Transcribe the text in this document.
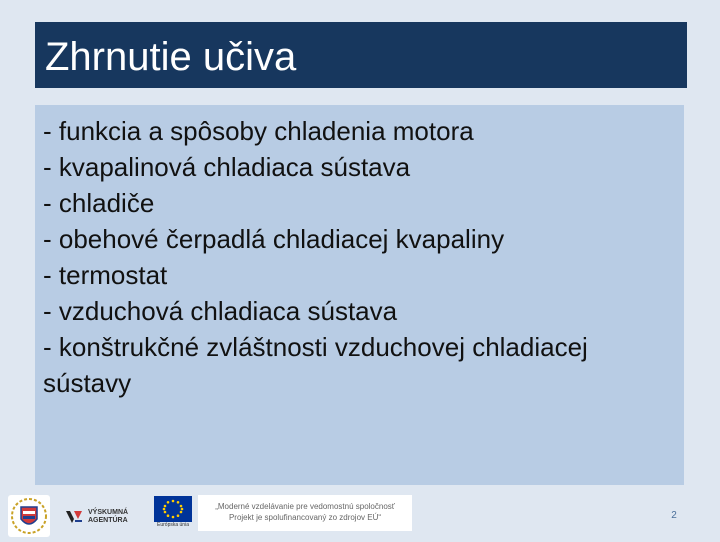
Zhrnutie učiva
- funkcia a spôsoby chladenia motora
- kvapalinová chladiaca sústava
- chladiče
- obehové čerpadlá chladiacej kvapaliny
- termostat
- vzduchová chladiaca sústava
- konštrukčné zvláštnosti vzduchovej chladiacej sústavy
VÝSKUMNÁ
AGENTÚRA
Európska únia
„Moderné vzdelávanie pre vedomostnú spoločnosť
Projekt je spolufinancovaný zo zdrojov EÚ“	2
